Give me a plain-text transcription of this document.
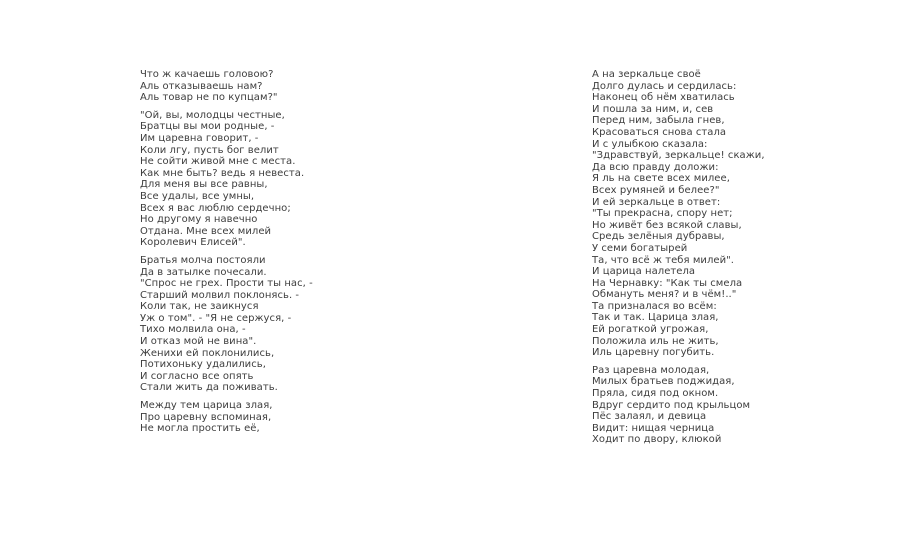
Что ж качаешь головою?
Аль отказываешь нам?
Аль товар не по купцам?"

"Ой, вы, молодцы честные,
Братцы вы мои родные, -
Им царевна говорит, -
Коли лгу, пусть бог велит
Не сойти живой мне с места.
Как мне быть? ведь я невеста.
Для меня вы все равны,
Все удалы, все умны,
Всех я вас люблю сердечно;
Но другому я навечно
Отдана. Мне всех милей
Королевич Елисей".

Братья молча постояли
Да в затылке почесали.
"Спрос не грех. Прости ты нас, -
Старший молвил поклонясь. -
Коли так, не заикнуся
Уж о том". - "Я не сержуся, -
Тихо молвила она, -
И отказ мой не вина".
Женихи ей поклонились,
Потихоньку удалились,
И согласно все опять
Стали жить да поживать.

Между тем царица злая,
Про царевну вспоминая,
Не могла простить её,

А на зеркальце своё
Долго дулась и сердилась:
Наконец об нём хватилась
И пошла за ним, и, сев
Перед ним, забыла гнев,
Красоваться снова стала
И с улыбкою сказала:
"Здравствуй, зеркальце! скажи,
Да всю правду доложи:
Я ль на свете всех милее,
Всех румяней и белее?"
И ей зеркальце в ответ:
"Ты прекрасна, спору нет;
Но живёт без всякой славы,
Средь зелёныя дубравы,
У семи богатырей
Та, что всё ж тебя милей".
И царица налетела
На Чернавку: "Как ты смела
Обмануть меня? и в чём!.."
Та призналася во всём:
Так и так. Царица злая,
Ей рогаткой угрожая,
Положила иль не жить,
Иль царевну погубить.

Раз царевна молодая,
Милых братьев поджидая,
Пряла, сидя под окном.
Вдруг сердито под крыльцом
Пёс залаял, и девица
Видит: нищая черница
Ходит по двору, клюкой
